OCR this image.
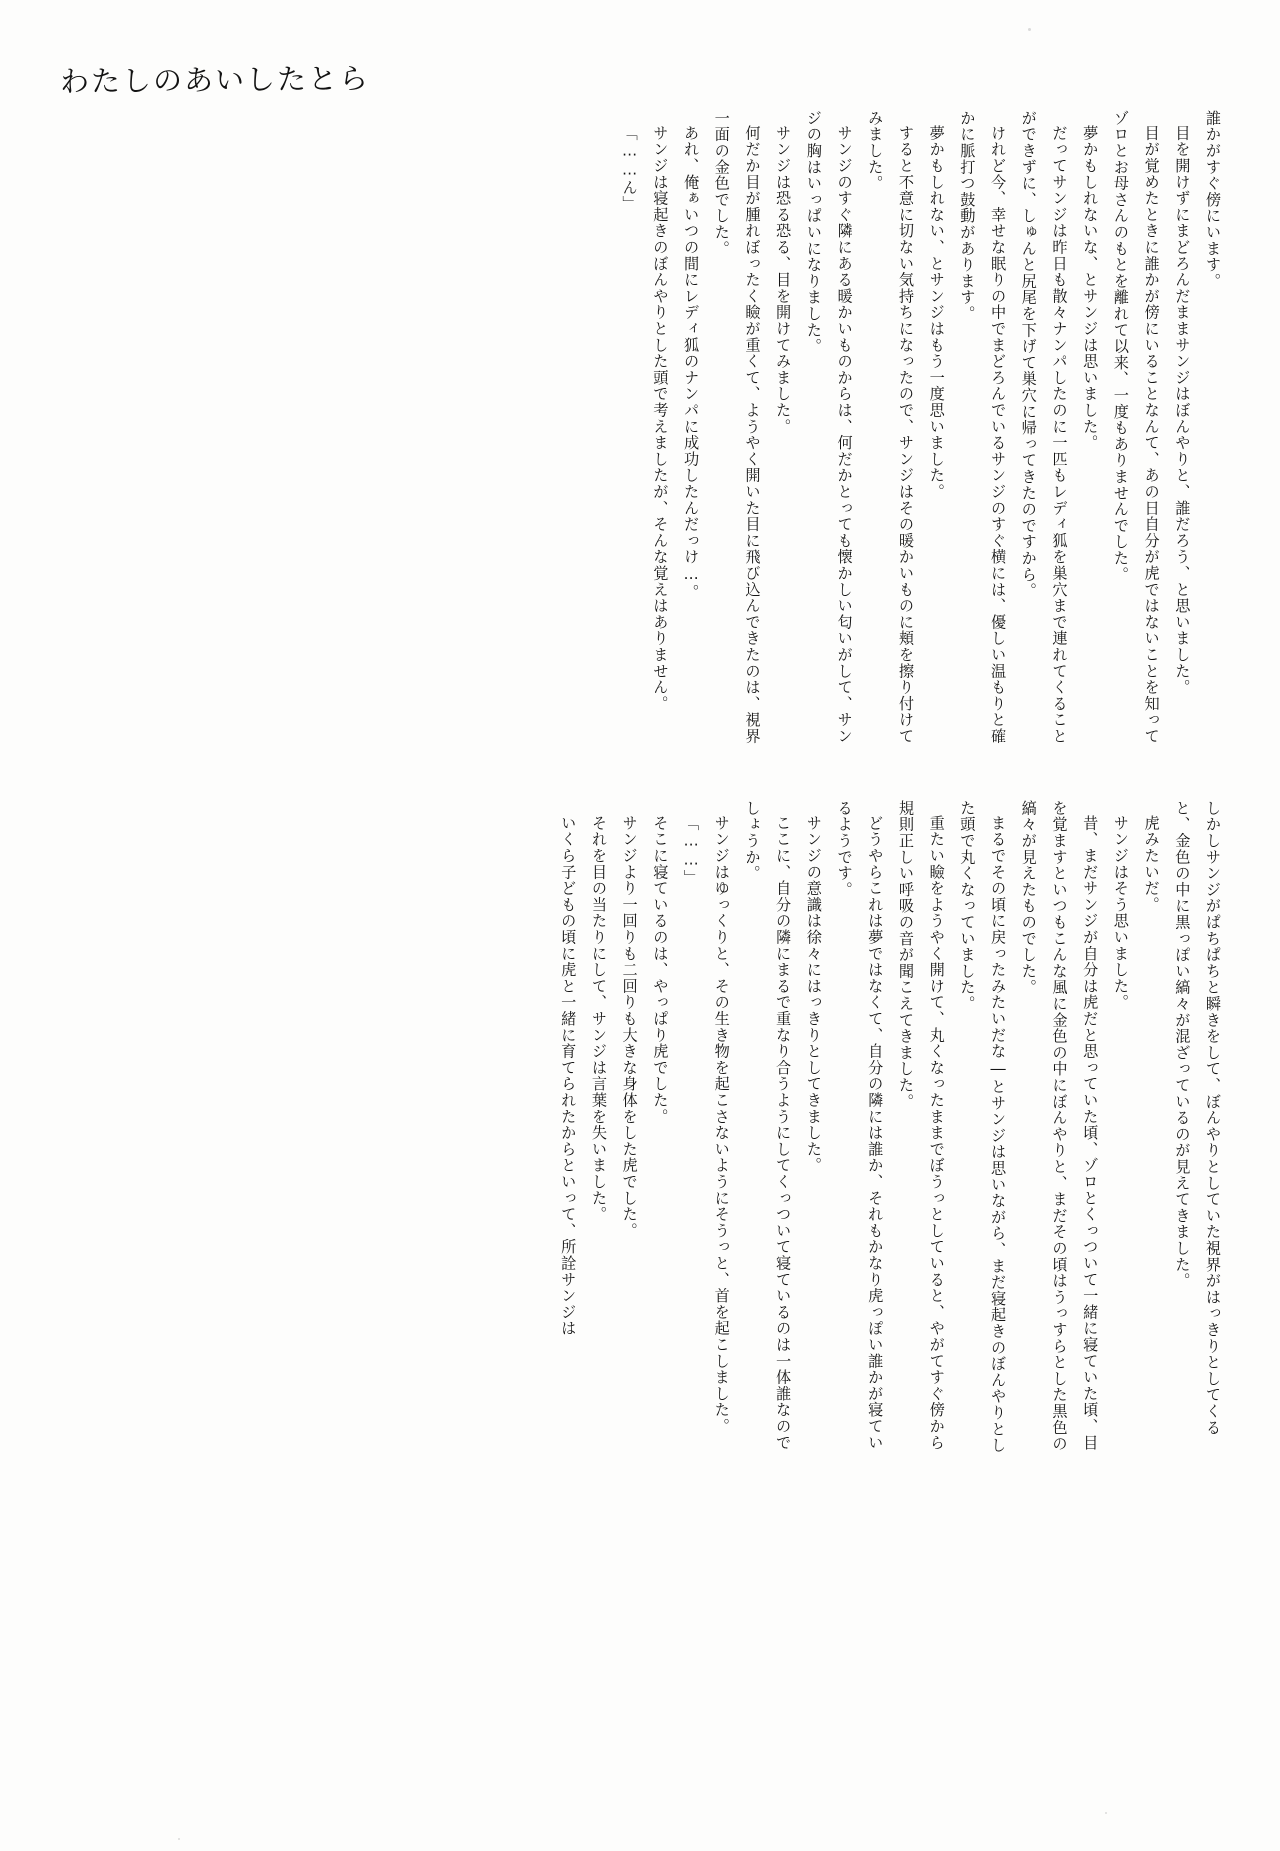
わたしのあいしたとら

誰かがすぐ傍にいます。

目を開けずにまどろんだままサンジはぼんやりと、誰だろう、と思いました。

目が覚めたときに誰かが傍にいることなんて、あの日自分が虎ではないことを知ってゾロとお母さんのもとを離れて以来、一度もありませんでした。

夢かもしれないな、とサンジは思いました。

だってサンジは昨日も散々ナンパしたのに一匹もレディ狐を巣穴まで連れてくることができずに、しゅんと尻尾を下げて巣穴に帰ってきたのですから。

けれど今、幸せな眠りの中でまどろんでいるサンジのすぐ横には、優しい温もりと確かに脈打つ鼓動があります。

夢かもしれない、とサンジはもう一度思いました。

すると不意に切ない気持ちになったので、サンジはその暖かいものに頬を擦り付けてみました。

サンジのすぐ隣にある暖かいものからは、何だかとっても懐かしい匂いがして、サンジの胸はいっぱいになりました。

サンジは恐る恐る、目を開けてみました。

何だか目が腫れぼったく瞼が重くて、ようやく開いた目に飛び込んできたのは、視界一面の金色でした。

あれ、俺ぁいつの間にレディ狐のナンパに成功したんだっけ…。

サンジは寝起きのぼんやりとした頭で考えましたが、そんな覚えはありません。

「……ん」

しかしサンジがぱちぱちと瞬きをして、ぼんやりとしていた視界がはっきりとしてくると、金色の中に黒っぽい縞々が混ざっているのが見えてきました。

虎みたいだ。

サンジはそう思いました。

昔、まだサンジが自分は虎だと思っていた頃、ゾロとくっついて一緒に寝ていた頃、目を覚ますといつもこんな風に金色の中にぼんやりと、まだその頃はうっすらとした黒色の縞々が見えたものでした。

まるでその頃に戻ったみたいだな―とサンジは思いながら、まだ寝起きのぼんやりとした頭で丸くなっていました。

重たい瞼をようやく開けて、丸くなったままでぼうっとしていると、やがてすぐ傍から規則正しい呼吸の音が聞こえてきました。

どうやらこれは夢ではなくて、自分の隣には誰か、それもかなり虎っぽい誰かが寝ているようです。

サンジの意識は徐々にはっきりとしてきました。

ここに、自分の隣にまるで重なり合うようにしてくっついて寝ているのは一体誰なのでしょうか。

サンジはゆっくりと、その生き物を起こさないようにそうっと、首を起こしました。

「……」

そこに寝ているのは、やっぱり虎でした。

サンジより一回りも二回りも大きな身体をした虎でした。

それを目の当たりにして、サンジは言葉を失いました。

いくら子どもの頃に虎と一緒に育てられたからといって、所詮サンジは
